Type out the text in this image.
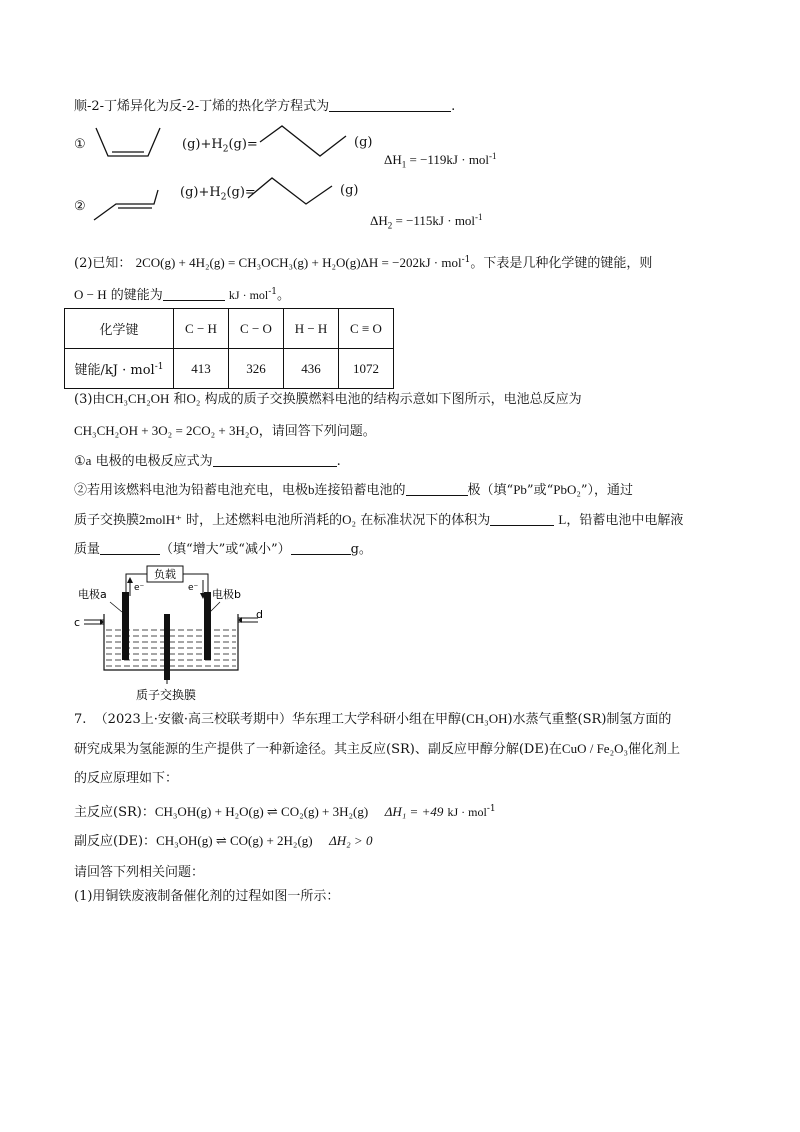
顺-2-丁烯异化为反-2-丁烯的热化学方程式为	.
①	$(g)+H_2(g)=$	(g)
$\Delta H_1 = -119kJ \cdot mol^{-1}$
②
$(g)+H_2(g)=$	(g)
$\Delta H_2 = -115kJ \cdot mol^{-1}$
(2)已知： 2CO(g) + 4H₂(g) = CH₃OCH₃(g) + H₂O(g)ΔH = −202kJ · mol$^{-1}$。下表是几种化学键的键能，则
O − H 的键能为	kJ · mol$^{-1}$。
化学键	C − H	C − O	H − H	C ≡ O
键能/kJ · mol$^{-1}$	413	326	436	1072
(3)由CH₃CH₂OH 和O₂ 构成的质子交换膜燃料电池的结构示意如下图所示，电池总反应为
CH₃CH₂OH + 3O₂ = 2CO₂ + 3H₂O，请回答下列问题。
①a 电极的电极反应式为	.
②若用该燃料电池为铅蓄电池充电，电极b连接铅蓄电池的	极（填“Pb”或“PbO₂”），通过
质子交换膜2molH⁺ 时，上述燃料电池所消耗的O₂ 在标准状况下的体积为	L，铅蓄电池中电解液
质量	（填“增大”或“减小”）	g。
负载
e⁻	e⁻
电极a	电极b
c
d
质子交换膜
7. （2023上·安徽·高三校联考期中）华东理工大学科研小组在甲醇(CH₃OH)水蒸气重整(SR)制氢方面的
研究成果为氢能源的生产提供了一种新途径。其主反应(SR)、副反应甲醇分解(DE)在CuO / Fe₂O₃催化剂上
的反应原理如下：
主反应(SR)：CH₃OH(g) + H₂O(g) ⇌ CO₂(g) + 3H₂(g) ΔH₁ = +49 kJ · mol$^{-1}$
副反应(DE)：CH₃OH(g) ⇌ CO(g) + 2H₂(g) ΔH₂ > 0
请回答下列相关问题：
(1)用铜铁废液制备催化剂的过程如图一所示：
